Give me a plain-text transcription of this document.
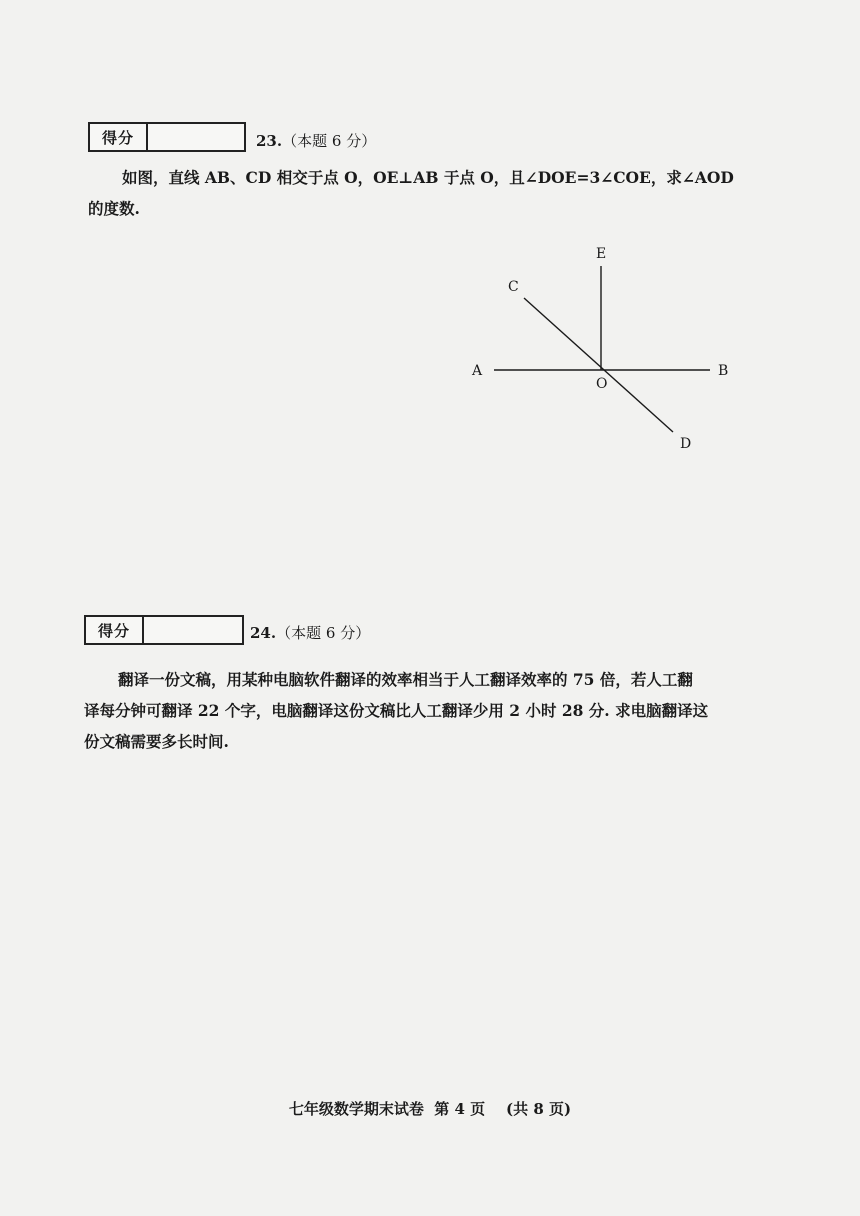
得分	23.（本题 6 分）
如图，直线 AB、CD 相交于点 O，OE⊥AB 于点 O，且∠DOE=3∠COE，求∠AOD
的度数.
E
C
A
O
B
D
得分	24.（本题 6 分）
翻译一份文稿，用某种电脑软件翻译的效率相当于人工翻译效率的 75 倍，若人工翻
译每分钟可翻译 22 个字，电脑翻译这份文稿比人工翻译少用 2 小时 28 分. 求电脑翻译这
份文稿需要多长时间.
七年级数学期末试卷  第 4 页    (共 8 页)
